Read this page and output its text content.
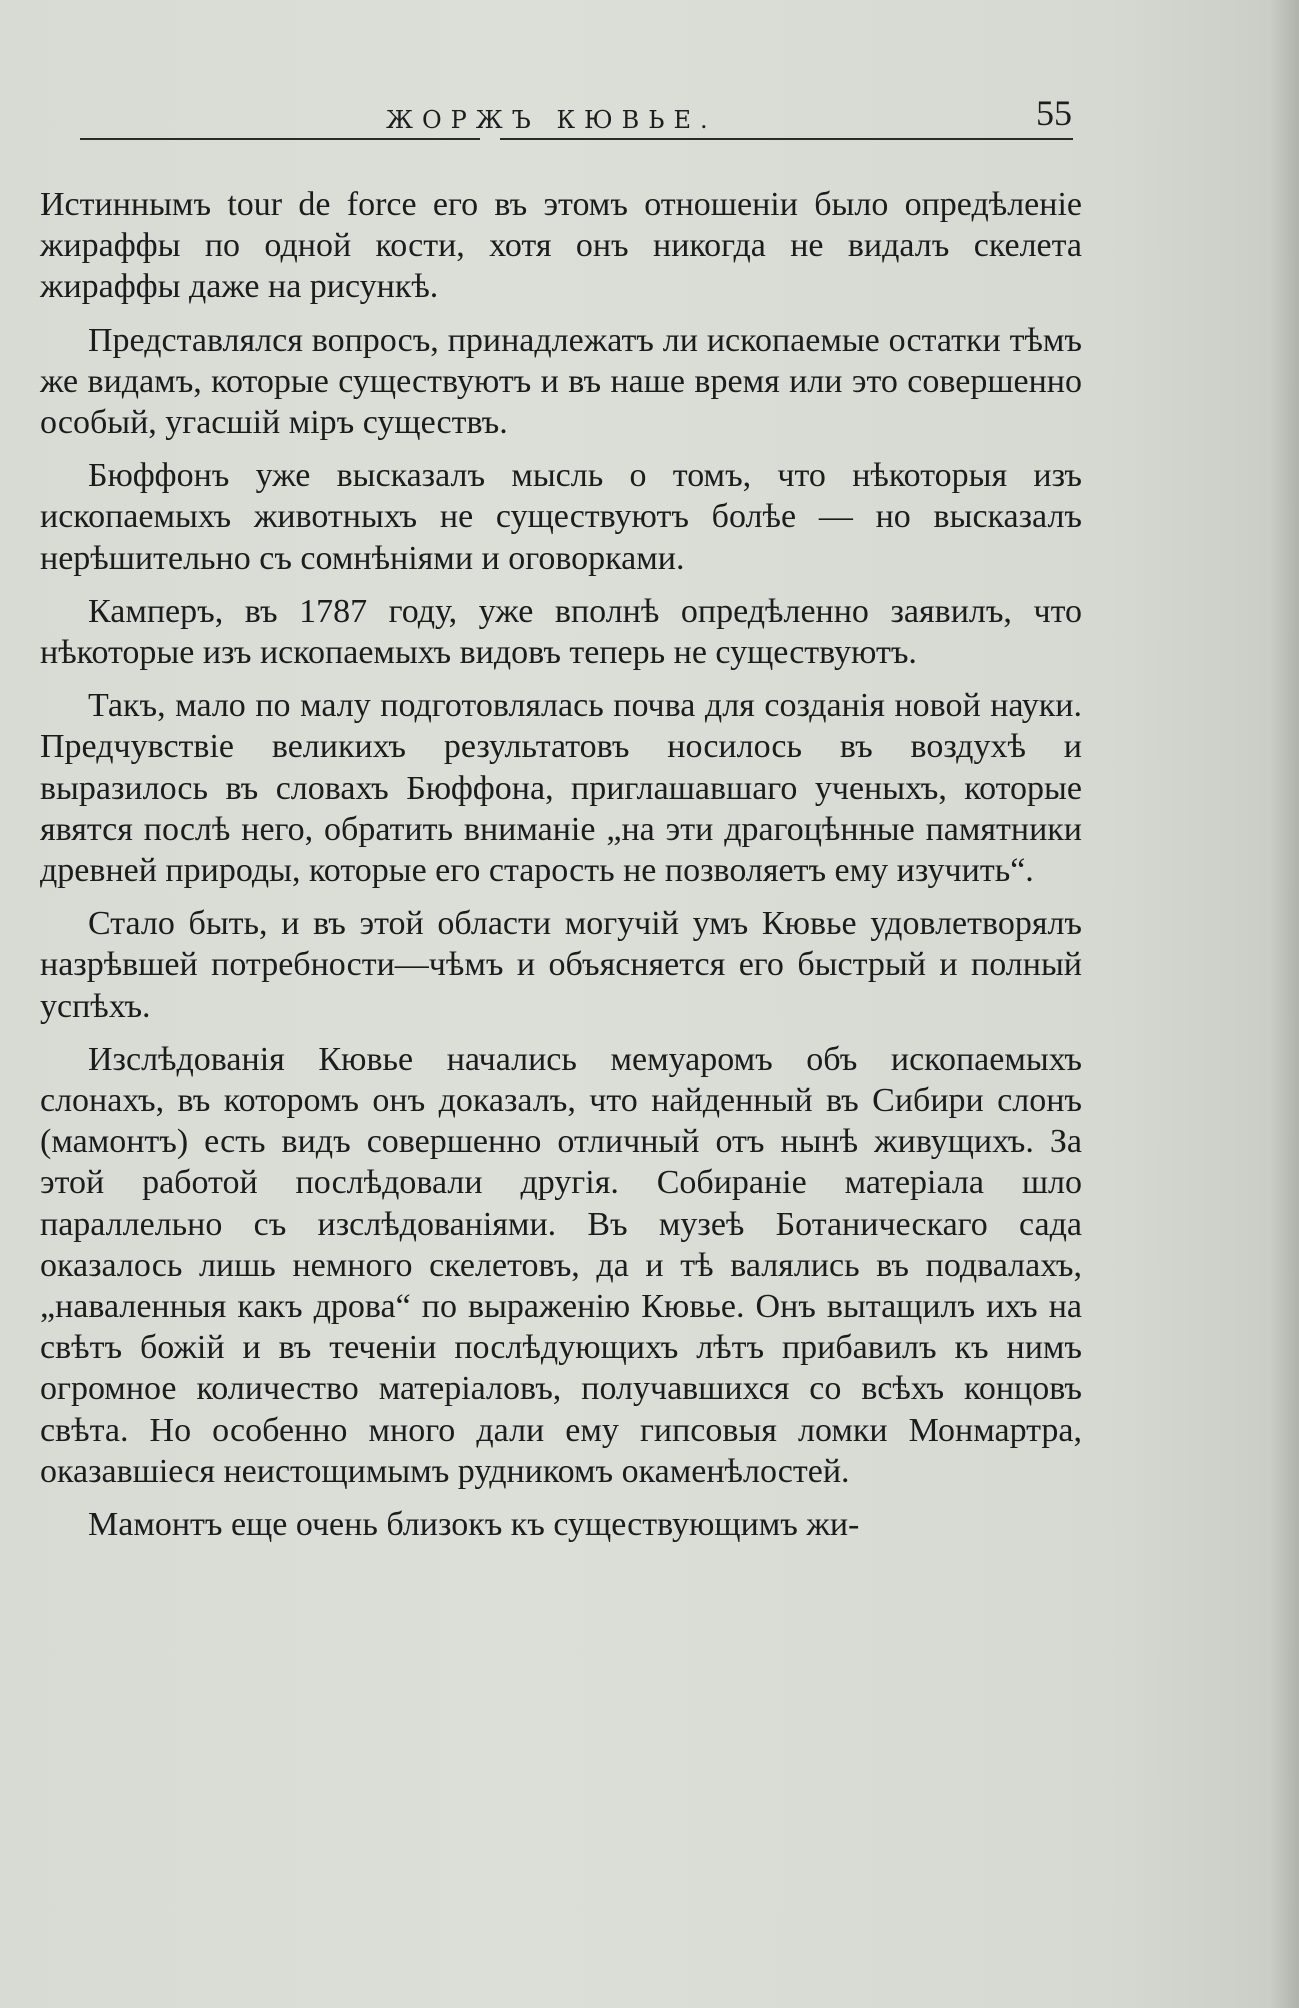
ЖОРЖЪ КЮВЬЕ.	55

Истиннымъ tour de force его въ этомъ отношенiи было опредѣленiе жираффы по одной кости, хотя онъ никогда не видалъ скелета жираффы даже на рисункѣ.

Представлялся вопросъ, принадлежатъ ли ископаемые остатки тѣмъ же видамъ, которые существуютъ и въ наше время или это совершенно особый, угасшiй мiръ существъ.

Бюффонъ уже высказалъ мысль о томъ, что нѣкоторыя изъ ископаемыхъ животныхъ не существуютъ болѣе — но высказалъ нерѣшительно съ сомнѣнiями и оговорками.

Камперъ, въ 1787 году, уже вполнѣ опредѣленно заявилъ, что нѣкоторые изъ ископаемыхъ видовъ теперь не существуютъ.

Такъ, мало по малу подготовлялась почва для созданiя новой науки. Предчувствiе великихъ результатовъ носилось въ воздухѣ и выразилось въ словахъ Бюффона, приглашавшаго ученыхъ, которые явятся послѣ него, обратить вниманiе „на эти драгоцѣнные памятники древней природы, которые его старость не позволяетъ ему изучить“.

Стало быть, и въ этой области могучiй умъ Кювье удовлетворялъ назрѣвшей потребности—чѣмъ и объясняется его быстрый и полный успѣхъ.

Изслѣдованiя Кювье начались мемуаромъ объ ископаемыхъ слонахъ, въ которомъ онъ доказалъ, что найденный въ Сибири слонъ (мамонтъ) есть видъ совершенно отличный отъ нынѣ живущихъ. За этой работой послѣдовали другiя. Собиранiе матерiала шло параллельно съ изслѣдованiями. Въ музеѣ Ботаническаго сада оказалось лишь немного скелетовъ, да и тѣ валялись въ подвалахъ, „наваленныя какъ дрова“ по выраженiю Кювье. Онъ вытащилъ ихъ на свѣтъ божiй и въ теченiи послѣдующихъ лѣтъ прибавилъ къ нимъ огромное количество матерiаловъ, получавшихся со всѣхъ концовъ свѣта. Но особенно много дали ему гипсовыя ломки Монмартра, оказавшiеся неистощимымъ рудникомъ окаменѣлостей.

Мамонтъ еще очень близокъ къ существующимъ жи-
